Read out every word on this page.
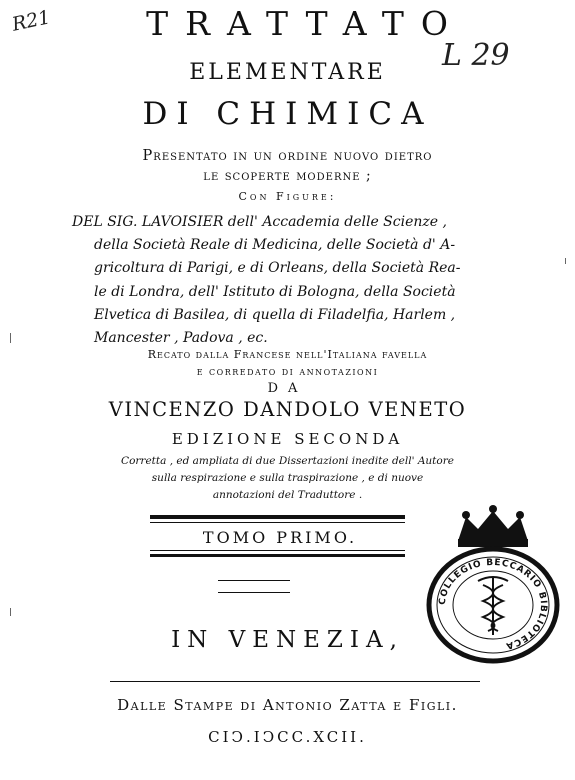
R21
L 29
TRATTATO
ELEMENTARE
DI CHIMICA
Presentato in un ordine nuovo dietro
le scoperte moderne ;
Con Figure:
DEL SIG. LAVOISIER dell' Accademia delle Scienze ,
della Società Reale di Medicina, delle Società d' A-
gricoltura di Parigi, e di Orleans, della Società Rea-
le di Londra, dell' Istituto di Bologna, della Società
Elvetica di Basilea, di quella di Filadelfia, Harlem ,
Mancester , Padova , ec.
Recato dalla Francese nell'Italiana favella
e corredato di annotazioni
DA
VINCENZO DANDOLO VENETO
EDIZIONE SECONDA
Corretta , ed ampliata di due Dissertazioni inedite dell' Autore
sulla respirazione e sulla traspirazione , e di nuove
annotazioni del Traduttore .
TOMO PRIMO.
IN VENEZIA,
Dalle Stampe di Antonio Zatta e Figli.
CIϽ.IϽCC.XCII.
COLLEGIO BECCARIO BIBLIOTECA
